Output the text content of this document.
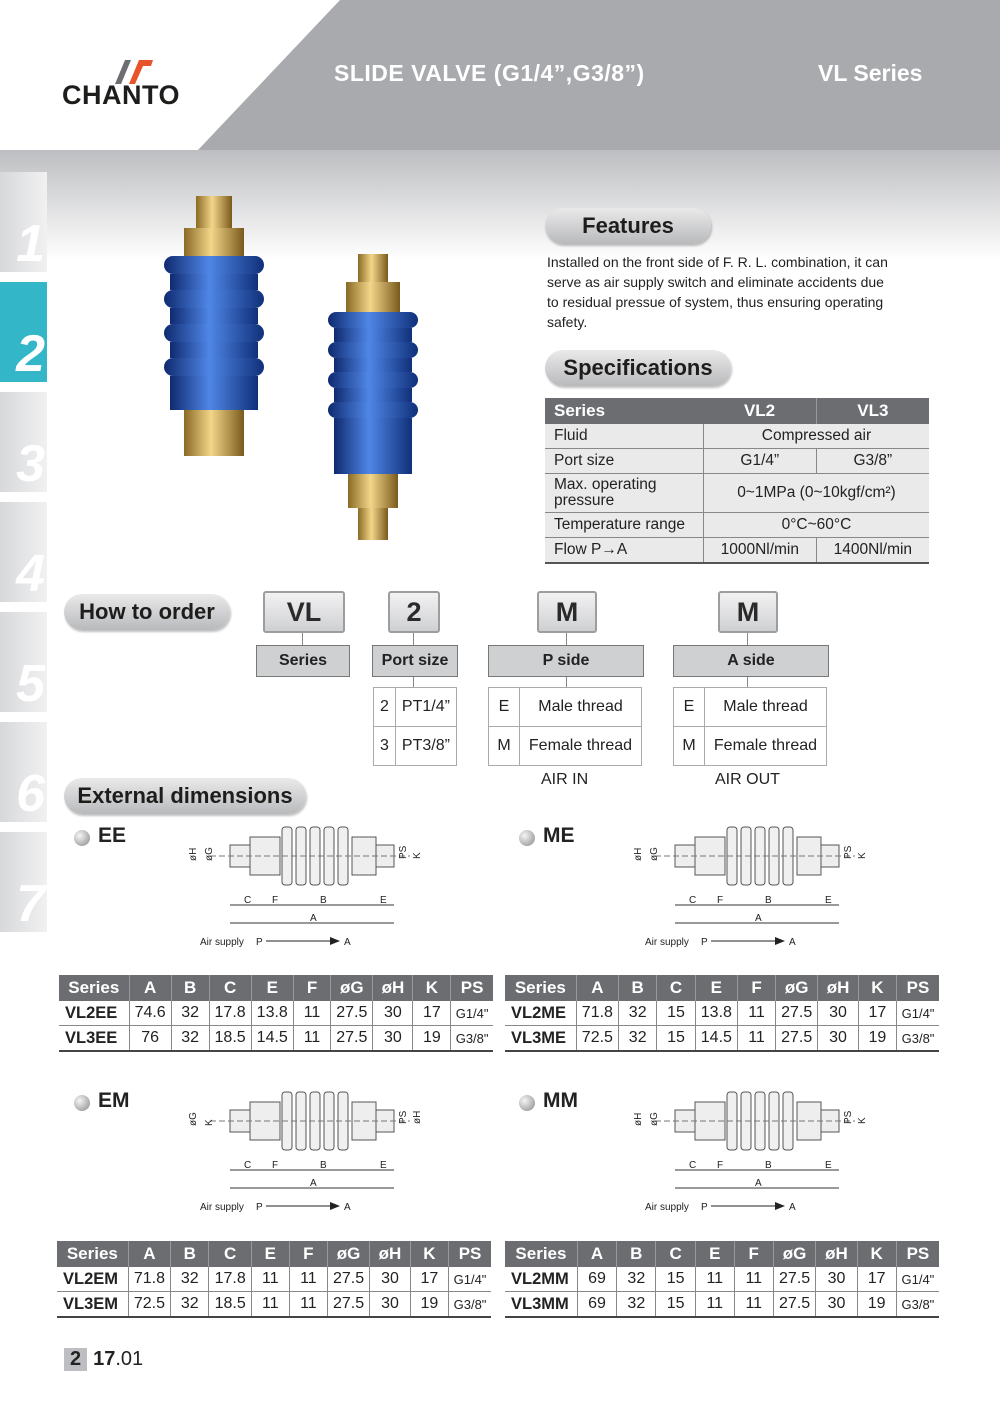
CHANTO
SLIDE VALVE (G1/4”,G3/8”)	VL Series
1
2
3
4
5
6
7
Features
Installed on the front side of F. R. L. combination, it can serve as air supply switch and eliminate accidents due to residual pressue of system, thus ensuring operating safety.
Specifications
Series	VL2	VL3
Fluid	Compressed air	
Port size	G1/4”	G3/8”
Max. operating pressure	0~1MPa (0~10kgf/cm²)	
Temperature range	0°C~60°C	
Flow P→A	1000Nl/min	1400Nl/min
How to order	VL	2	M	M
Series	Port size	P side	A side
2	PT1/4”
3	PT3/8”
E	Male thread
M	Female thread
E	Male thread
M	Female thread
AIR IN	AIR OUT
External dimensions
EE
øH øG	PS K
C F	B	E
A
Air supply P	A
ME
øH øG	PS K
C F	B	E
A
Air supply P	A
EM
øG K	PS øH
C F	B	E
A
Air supply P	A
MM
øH øG	PS K
C F	B	E
A
Air supply P	A
Series	A	B	C	E	F	øG	øH	K	PS
VL2EE	74.6	32	17.8	13.8	11	27.5	30	17	G1/4"
VL3EE	76	32	18.5	14.5	11	27.5	30	19	G3/8"
Series	A	B	C	E	F	øG	øH	K	PS
VL2ME	71.8	32	15	13.8	11	27.5	30	17	G1/4"
VL3ME	72.5	32	15	14.5	11	27.5	30	19	G3/8"
Series	A	B	C	E	F	øG	øH	K	PS
VL2EM	71.8	32	17.8	11	11	27.5	30	17	G1/4"
VL3EM	72.5	32	18.5	11	11	27.5	30	19	G3/8"
Series	A	B	C	E	F	øG	øH	K	PS
VL2MM	69	32	15	11	11	27.5	30	17	G1/4"
VL3MM	69	32	15	11	11	27.5	30	19	G3/8"
2 17.01
